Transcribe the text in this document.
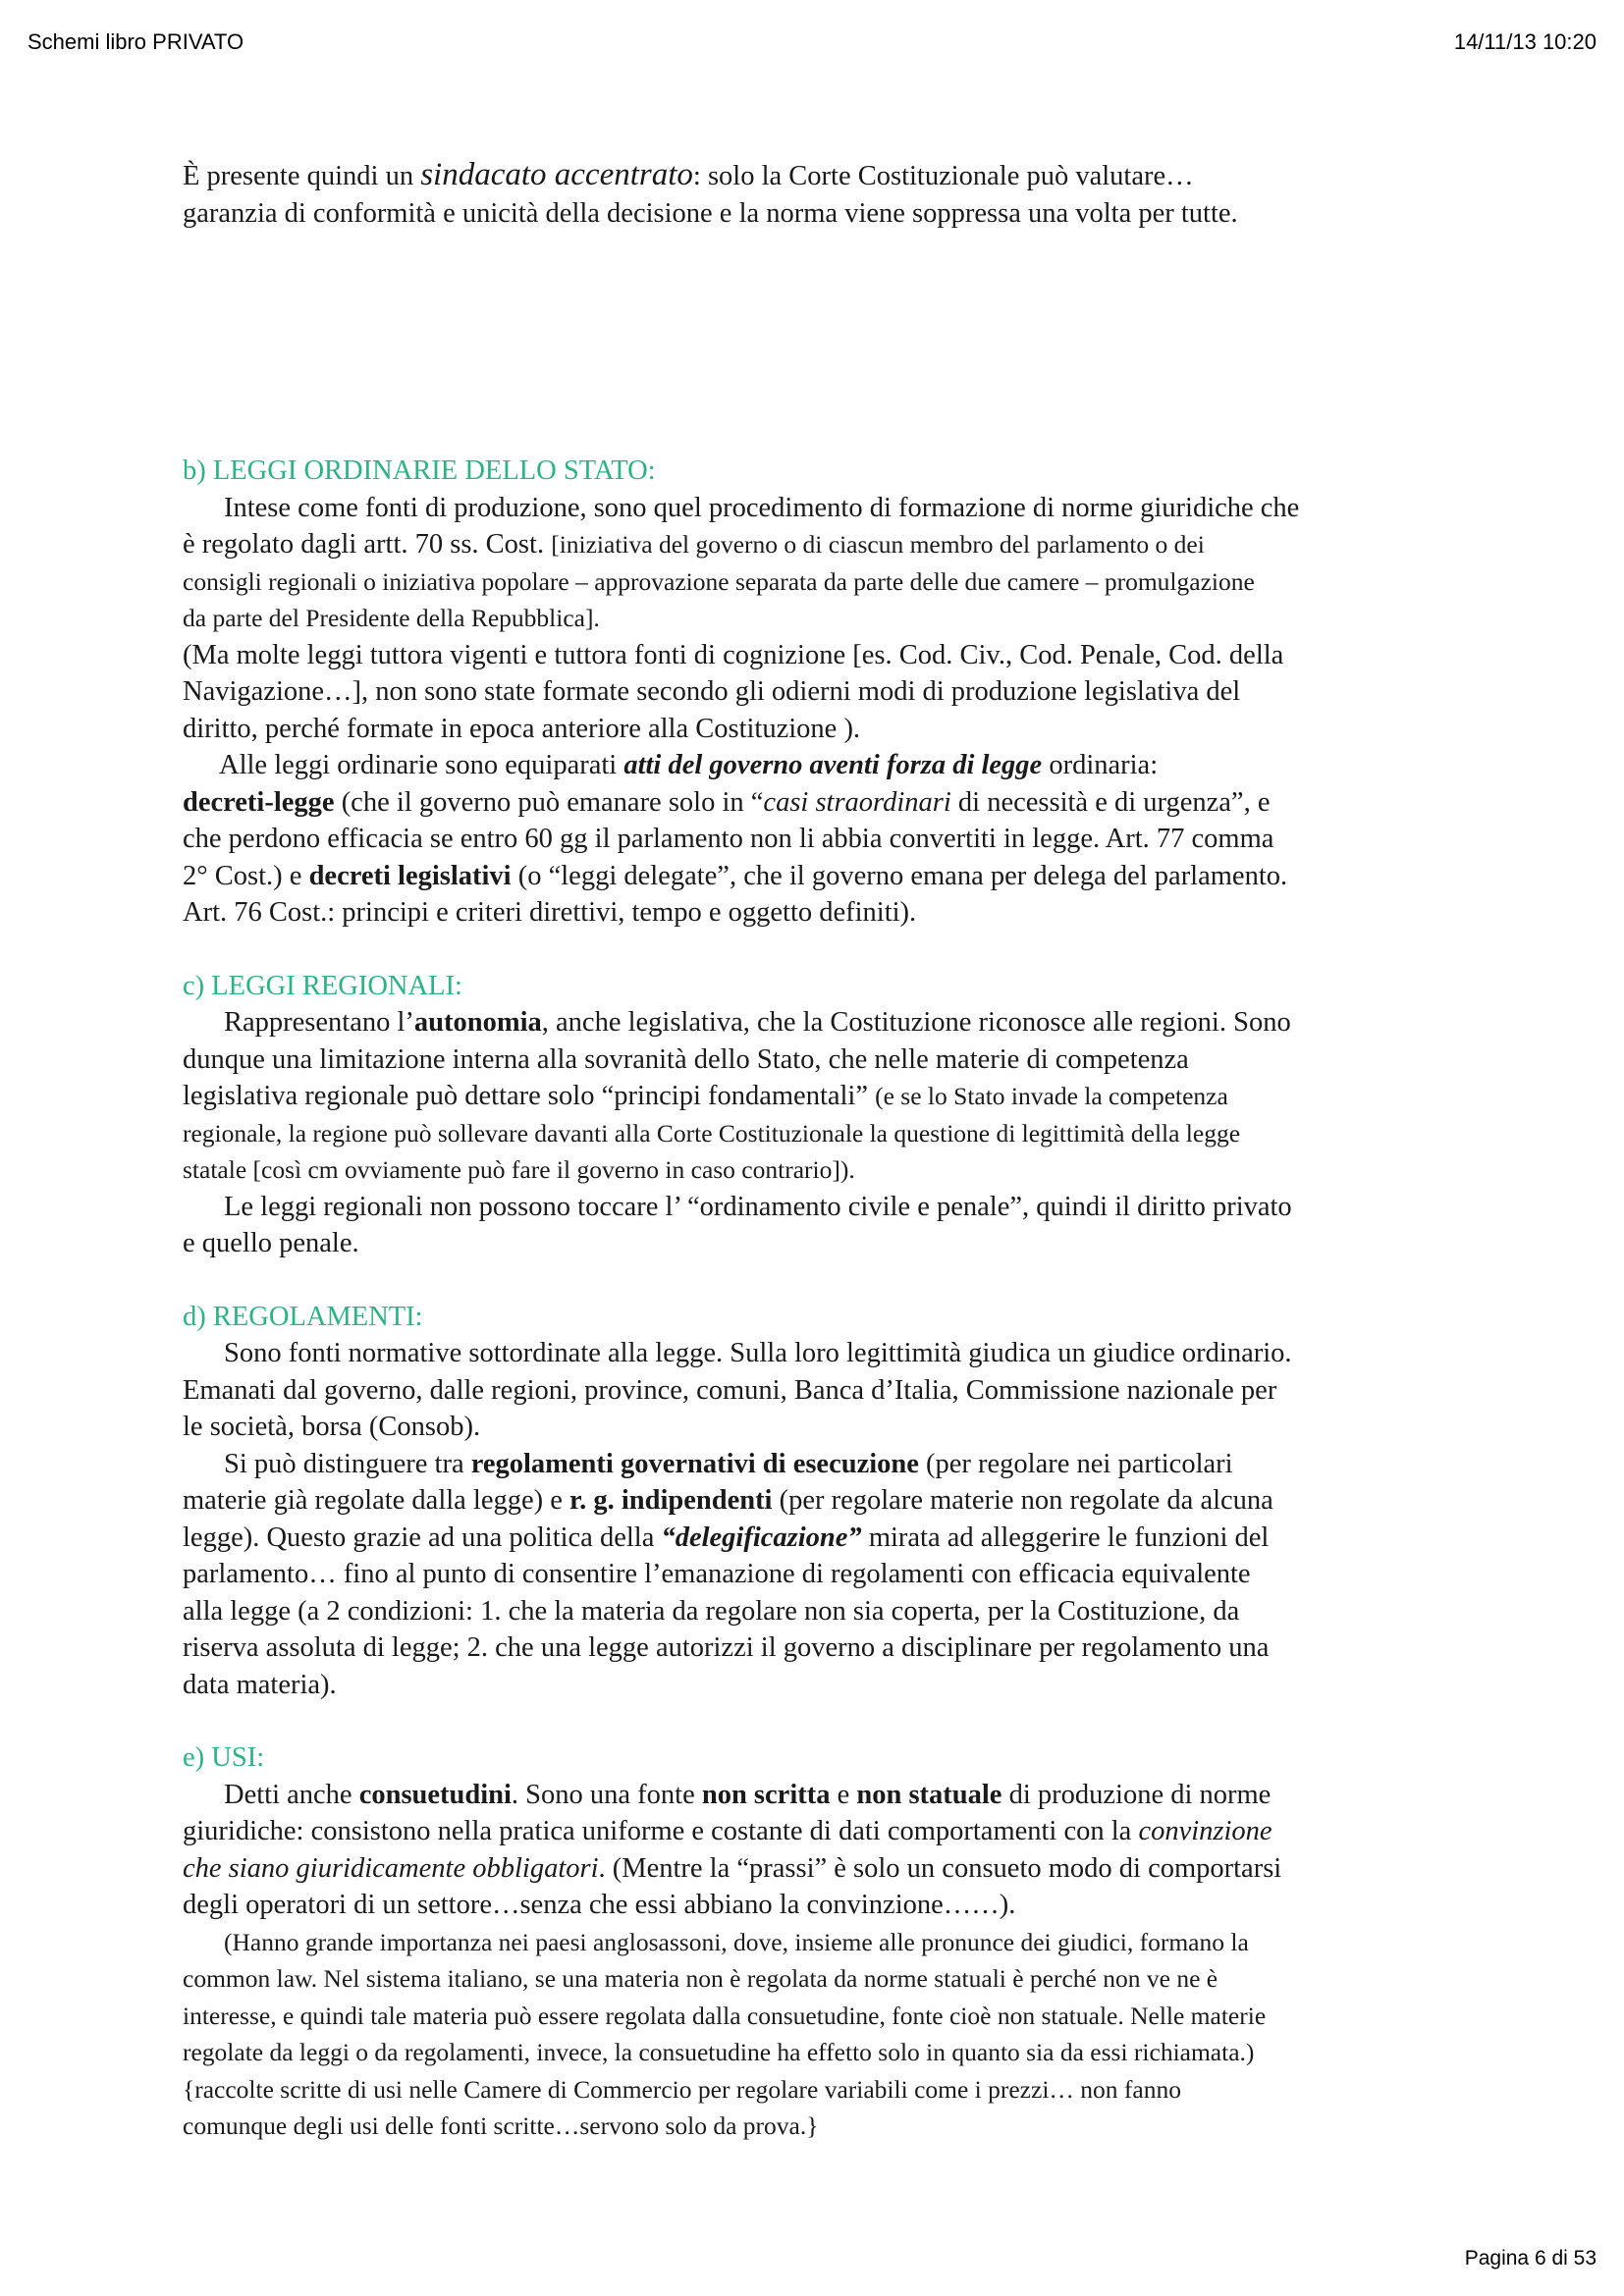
Schemi libro PRIVATO	14/11/13 10:20
È presente quindi un sindacato accentrato: solo la Corte Costituzionale può valutare…
garanzia di conformità e unicità della decisione e la norma viene soppressa una volta per tutte.
b) LEGGI ORDINARIE DELLO STATO:
Intese come fonti di produzione, sono quel procedimento di formazione di norme giuridiche che
è regolato dagli artt. 70 ss. Cost. [iniziativa del governo o di ciascun membro del parlamento o dei
consigli regionali o iniziativa popolare – approvazione separata da parte delle due camere – promulgazione
da parte del Presidente della Repubblica].
(Ma molte leggi tuttora vigenti e tuttora fonti di cognizione [es. Cod. Civ., Cod. Penale, Cod. della
Navigazione…], non sono state formate secondo gli odierni modi di produzione legislativa del
diritto, perché formate in epoca anteriore alla Costituzione ).
Alle leggi ordinarie sono equiparati atti del governo aventi forza di legge ordinaria:
decreti-legge (che il governo può emanare solo in “casi straordinari di necessità e di urgenza”, e
che perdono efficacia se entro 60 gg il parlamento non li abbia convertiti in legge. Art. 77 comma
2° Cost.) e decreti legislativi (o “leggi delegate”, che il governo emana per delega del parlamento.
Art. 76 Cost.: principi e criteri direttivi, tempo e oggetto definiti).
c) LEGGI REGIONALI:
Rappresentano l’autonomia, anche legislativa, che la Costituzione riconosce alle regioni. Sono
dunque una limitazione interna alla sovranità dello Stato, che nelle materie di competenza
legislativa regionale può dettare solo “principi fondamentali” (e se lo Stato invade la competenza
regionale, la regione può sollevare davanti alla Corte Costituzionale la questione di legittimità della legge
statale [così cm ovviamente può fare il governo in caso contrario]).
Le leggi regionali non possono toccare l’ “ordinamento civile e penale”, quindi il diritto privato
e quello penale.
d) REGOLAMENTI:
Sono fonti normative sottordinate alla legge. Sulla loro legittimità giudica un giudice ordinario.
Emanati dal governo, dalle regioni, province, comuni, Banca d’Italia, Commissione nazionale per
le società, borsa (Consob).
Si può distinguere tra regolamenti governativi di esecuzione (per regolare nei particolari
materie già regolate dalla legge) e r. g. indipendenti (per regolare materie non regolate da alcuna
legge). Questo grazie ad una politica della “delegificazione” mirata ad alleggerire le funzioni del
parlamento… fino al punto di consentire l’emanazione di regolamenti con efficacia equivalente
alla legge (a 2 condizioni: 1. che la materia da regolare non sia coperta, per la Costituzione, da
riserva assoluta di legge; 2. che una legge autorizzi il governo a disciplinare per regolamento una
data materia).
e) USI:
Detti anche consuetudini. Sono una fonte non scritta e non statuale di produzione di norme
giuridiche: consistono nella pratica uniforme e costante di dati comportamenti con la convinzione
che siano giuridicamente obbligatori. (Mentre la “prassi” è solo un consueto modo di comportarsi
degli operatori di un settore…senza che essi abbiano la convinzione……).
(Hanno grande importanza nei paesi anglosassoni, dove, insieme alle pronunce dei giudici, formano la
common law. Nel sistema italiano, se una materia non è regolata da norme statuali è perché non ve ne è
interesse, e quindi tale materia può essere regolata dalla consuetudine, fonte cioè non statuale. Nelle materie
regolate da leggi o da regolamenti, invece, la consuetudine ha effetto solo in quanto sia da essi richiamata.)
{raccolte scritte di usi nelle Camere di Commercio per regolare variabili come i prezzi… non fanno
comunque degli usi delle fonti scritte…servono solo da prova.}
Pagina 6 di 53
